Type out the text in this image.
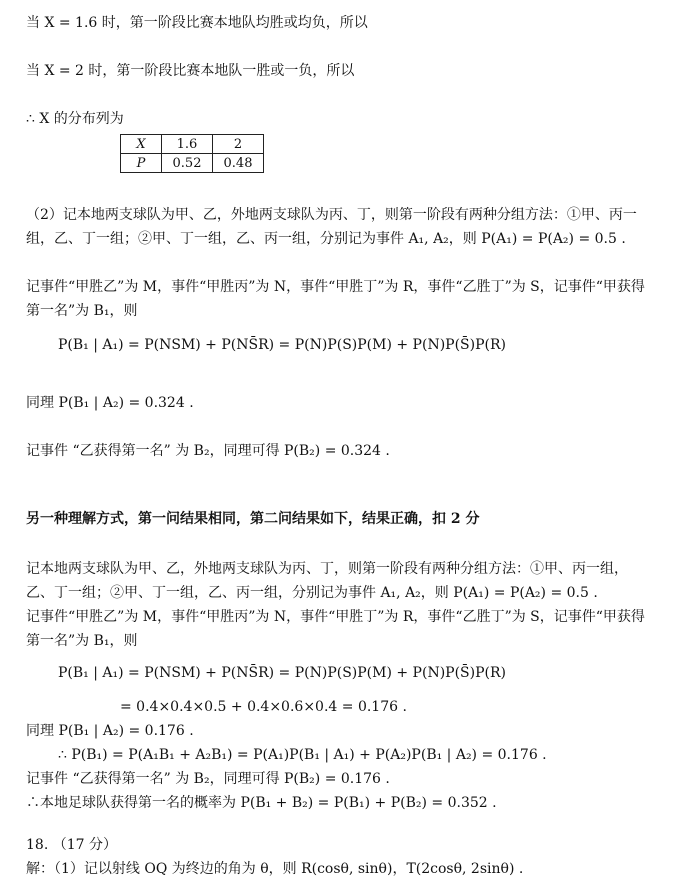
当 X = 1.6 时，第一阶段比赛本地队均胜或均负，所以
当 X = 2 时，第一阶段比赛本地队一胜或一负，所以
∴ X 的分布列为
X	1.6	2
P	0.52	0.48
（2）记本地两支球队为甲、乙，外地两支球队为丙、丁，则第一阶段有两种分组方法：①甲、丙一
组，乙、丁一组；②甲、丁一组，乙、丙一组，分别记为事件 A₁, A₂，则 P(A₁) = P(A₂) = 0.5 .
记事件“甲胜乙”为 M，事件“甲胜丙”为 N，事件“甲胜丁”为 R，事件“乙胜丁”为 S，记事件“甲获得
第一名”为 B₁，则
P(B₁ | A₁) = P(NSM) + P(NS̄R) = P(N)P(S)P(M) + P(N)P(S̄)P(R)
同理 P(B₁ | A₂) = 0.324 .
记事件 “乙获得第一名” 为 B₂，同理可得 P(B₂) = 0.324 .
另一种理解方式，第一问结果相同，第二问结果如下，结果正确，扣 2 分
记本地两支球队为甲、乙，外地两支球队为丙、丁，则第一阶段有两种分组方法：①甲、丙一组，
乙、丁一组；②甲、丁一组，乙、丙一组，分别记为事件 A₁, A₂，则 P(A₁) = P(A₂) = 0.5 .
记事件“甲胜乙”为 M，事件“甲胜丙”为 N，事件“甲胜丁”为 R，事件“乙胜丁”为 S，记事件“甲获得
第一名”为 B₁，则
P(B₁ | A₁) = P(NSM) + P(NS̄R) = P(N)P(S)P(M) + P(N)P(S̄)P(R)
= 0.4×0.4×0.5 + 0.4×0.6×0.4 = 0.176 .
同理 P(B₁ | A₂) = 0.176 .
∴ P(B₁) = P(A₁B₁ + A₂B₁) = P(A₁)P(B₁ | A₁) + P(A₂)P(B₁ | A₂) = 0.176 .
记事件 “乙获得第一名” 为 B₂，同理可得 P(B₂) = 0.176 .
∴本地足球队获得第一名的概率为 P(B₁ + B₂) = P(B₁) + P(B₂) = 0.352 .
18. （17 分）
解：（1）记以射线 OQ 为终边的角为 θ，则 R(cosθ, sinθ)，T(2cosθ, 2sinθ) .
